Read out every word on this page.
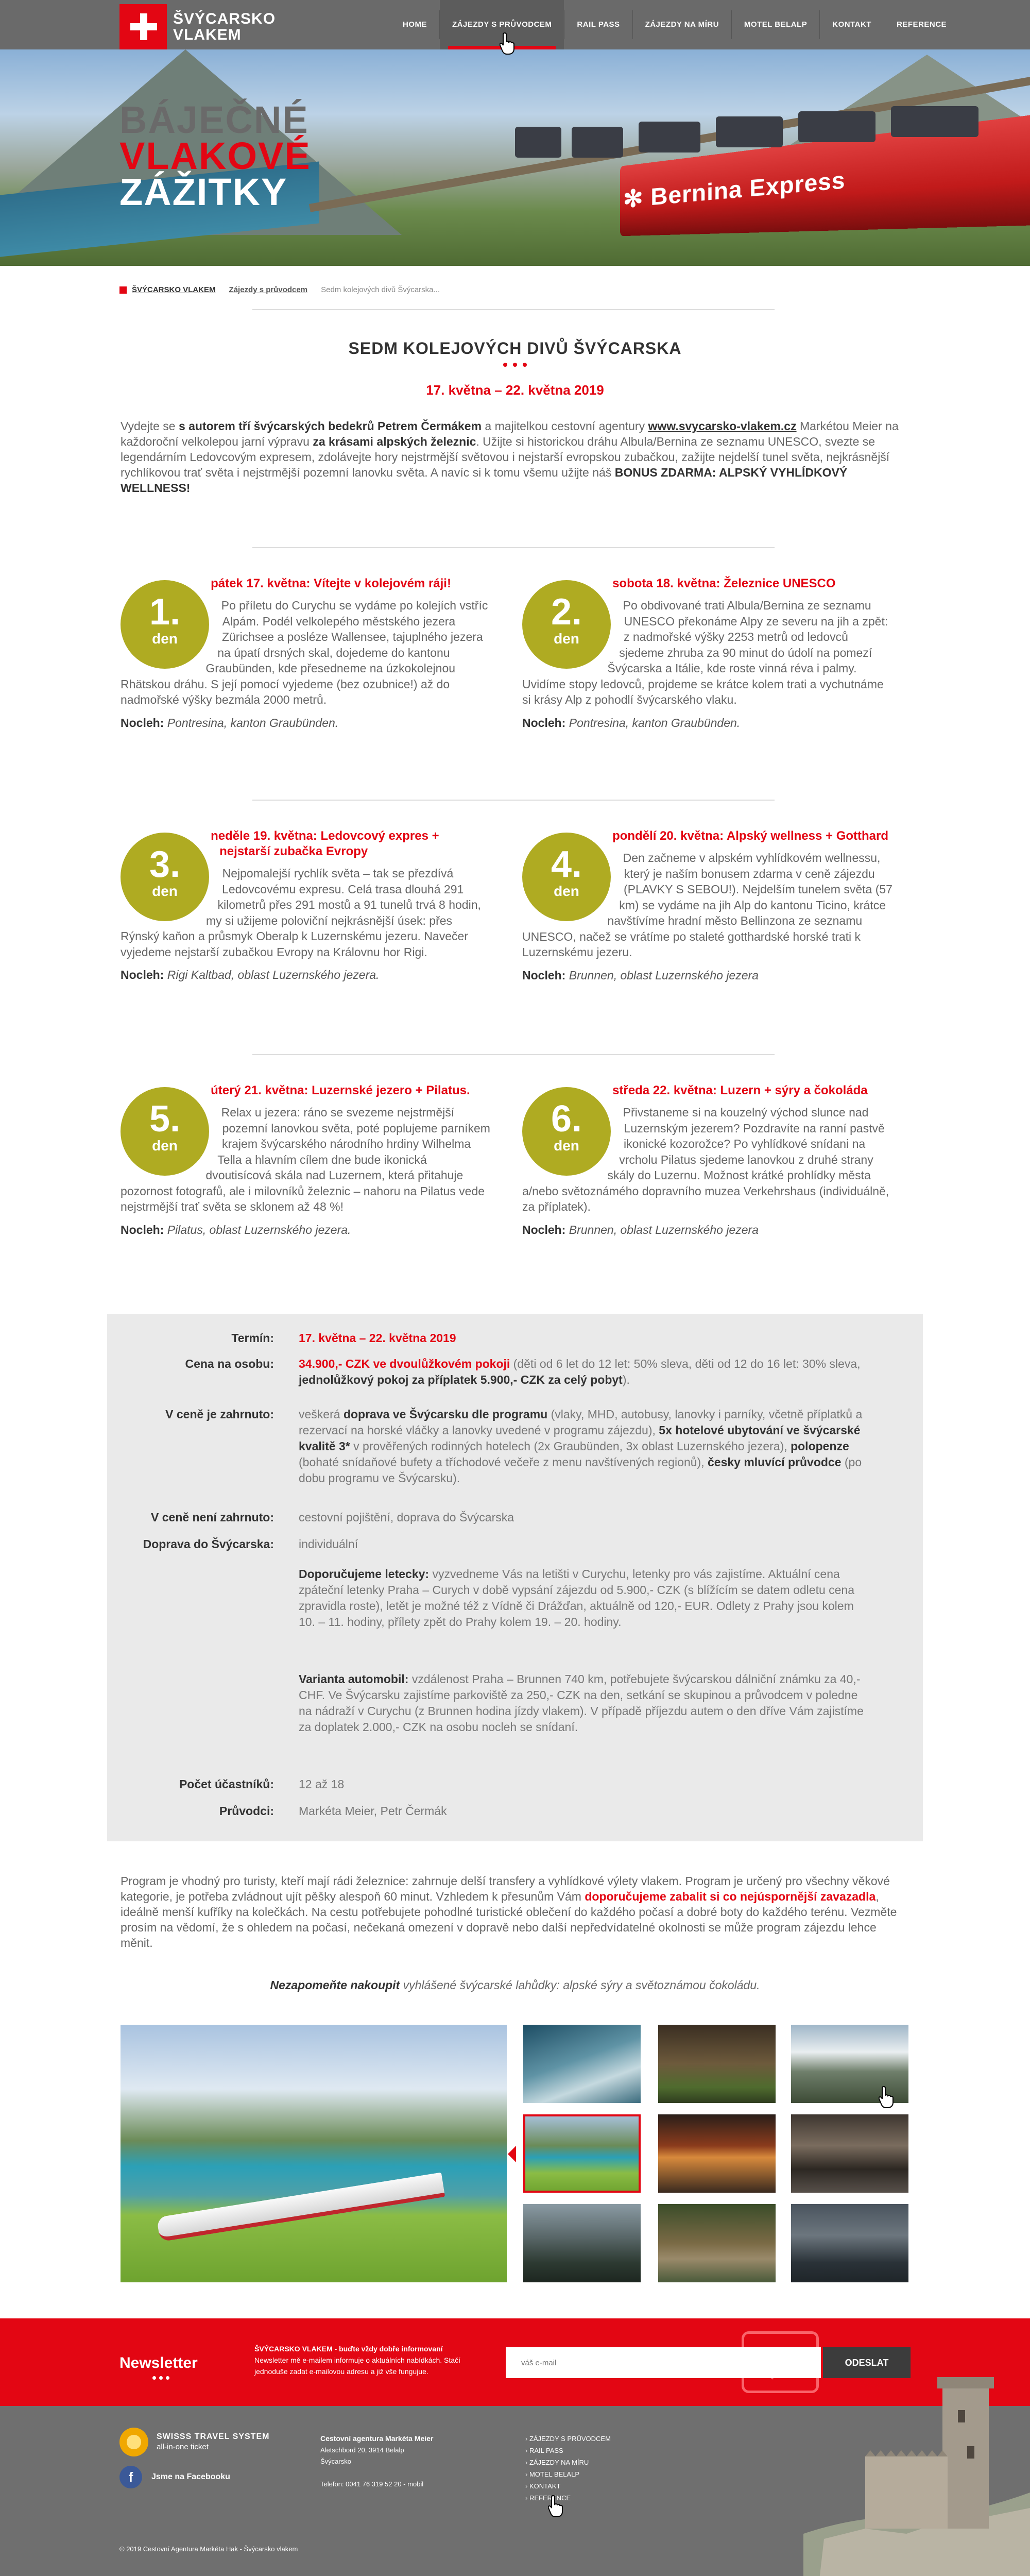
ŠVÝCARSKO
VLAKEM
HOME	ZÁJEZDY S PRŮVODCEM	RAIL PASS	ZÁJEZDY NA MÍRU	MOTEL BELALP	KONTAKT	REFERENCE
✻ Bernina Express
BÁJEČNÉ
VLAKOVÉ
ZÁŽITKY
ŠVÝCARSKO VLAKEM Zájezdy s průvodcem Sedm kolejových divů Švýcarska...
SEDM KOLEJOVÝCH DIVŮ ŠVÝCARSKA
17. května – 22. května 2019
Vydejte se s autorem tří švýcarských bedekrů Petrem Čermákem a majitelkou cestovní agentury www.svycarsko-vlakem.cz Markétou Meier na každoroční velkolepou jarní výpravu za krásami alpských železnic. Užijte si historickou dráhu Albula/Bernina ze seznamu UNESCO, svezte se legendárním Ledovcovým expresem, zdolávejte hory nejstrmější světovou i nejstarší evropskou zubačkou, zažijte nejdelší tunel světa, nejkrásnější rychlíkovou trať světa i nejstrmější pozemní lanovku světa. A navíc si k tomu všemu užijte náš BONUS ZDARMA: ALPSKÝ VYHLÍDKOVÝ WELLNESS!
1.
den
pátek 17. května: Vítejte v kolejovém ráji!
Po příletu do Curychu se vydáme po kolejích vstříc Alpám. Podél velkolepého městského jezera Zürichsee a posléze Wallensee, tajuplného jezera na úpatí drsných skal, dojedeme do kantonu Graubünden, kde přesedneme na úzkokolejnou Rhätskou dráhu. S její pomocí vyjedeme (bez ozubnice!) až do nadmořské výšky bezmála 2000 metrů.
Nocleh: Pontresina, kanton Graubünden.
2.
den
sobota 18. května: Železnice UNESCO
Po obdivované trati Albula/Bernina ze seznamu UNESCO překonáme Alpy ze severu na jih a zpět: z nadmořské výšky 2253 metrů od ledovců sjedeme zhruba za 90 minut do údolí na pomezí Švýcarska a Itálie, kde roste vinná réva i palmy. Uvidíme stopy ledovců, projdeme se krátce kolem trati a vychutnáme si krásy Alp z pohodlí švýcarského vlaku.
Nocleh: Pontresina, kanton Graubünden.
3.
den
neděle 19. května: Ledovcový expres + nejstarší zubačka Evropy
Nejpomalejší rychlík světa – tak se přezdívá Ledovcovému expresu. Celá trasa dlouhá 291 kilometrů přes 291 mostů a 91 tunelů trvá 8 hodin, my si užijeme poloviční nejkrásnější úsek: přes Rýnský kaňon a průsmyk Oberalp k Luzernskému jezeru. Navečer vyjedeme nejstarší zubačkou Evropy na Královnu hor Rigi.
Nocleh: Rigi Kaltbad, oblast Luzernského jezera.
4.
den
pondělí 20. května: Alpský wellness + Gotthard
Den začneme v alpském vyhlídkovém wellnessu, který je naším bonusem zdarma v ceně zájezdu (PLAVKY S SEBOU!). Nejdelším tunelem světa (57 km) se vydáme na jih Alp do kantonu Ticino, krátce navštívíme hradní město Bellinzona ze seznamu UNESCO, načež se vrátíme po staleté gotthardské horské trati k Luzernskému jezeru.
Nocleh: Brunnen, oblast Luzernského jezera
5.
den
úterý 21. května: Luzernské jezero + Pilatus.
Relax u jezera: ráno se svezeme nejstrmější pozemní lanovkou světa, poté poplujeme parníkem krajem švýcarského národního hrdiny Wilhelma Tella a hlavním cílem dne bude ikonická dvoutisícová skála nad Luzernem, která přitahuje pozornost fotografů, ale i milovníků železnic – nahoru na Pilatus vede nejstrmější trať světa se sklonem až 48 %!
Nocleh: Pilatus, oblast Luzernského jezera.
6.
den
středa 22. května: Luzern + sýry a čokoláda
Přivstaneme si na kouzelný východ slunce nad Luzernským jezerem? Pozdravíte na ranní pastvě ikonické kozorožce? Po vyhlídkové snídani na vrcholu Pilatus sjedeme lanovkou z druhé strany skály do Luzernu. Možnost krátké prohlídky města a/nebo světoznámého dopravního muzea Verkehrshaus (individuálně, za příplatek).
Nocleh: Brunnen, oblast Luzernského jezera
Termín:	17. května – 22. května 2019
Cena na osobu:	34.900,- CZK ve dvoulůžkovém pokoji (děti od 6 let do 12 let: 50% sleva, děti od 12 do 16 let: 30% sleva, jednolůžkový pokoj za příplatek 5.900,- CZK za celý pobyt).
V ceně je zahrnuto:	veškerá doprava ve Švýcarsku dle programu (vlaky, MHD, autobusy, lanovky i parníky, včetně příplatků a rezervací na horské vláčky a lanovky uvedené v programu zájezdu), 5x hotelové ubytování ve švýcarské kvalitě 3* v prověřených rodinných hotelech (2x Graubünden, 3x oblast Luzernského jezera), polopenze (bohaté snídaňové bufety a tříchodové večeře z menu navštívených regionů), česky mluvící průvodce (po dobu programu ve Švýcarsku).
V ceně není zahrnuto:	cestovní pojištění, doprava do Švýcarska
Doprava do Švýcarska:	individuální
Doporučujeme letecky: vyzvedneme Vás na letišti v Curychu, letenky pro vás zajistíme. Aktuální cena zpáteční letenky Praha – Curych v době vypsání zájezdu od 5.900,- CZK (s blížícím se datem odletu cena zpravidla roste), letět je možné též z Vídně či Drážďan, aktuálně od 120,- EUR. Odlety z Prahy jsou kolem 10. – 11. hodiny, přílety zpět do Prahy kolem 19. – 20. hodiny.
Varianta automobil: vzdálenost Praha – Brunnen 740 km, potřebujete švýcarskou dálniční známku za 40,- CHF. Ve Švýcarsku zajistíme parkoviště za 250,- CZK na den, setkání se skupinou a průvodcem v poledne na nádraží v Curychu (z Brunnen hodina jízdy vlakem). V případě příjezdu autem o den dříve Vám zajistíme za doplatek 2.000,- CZK na osobu nocleh se snídaní.
Počet účastníků:	12 až 18
Průvodci:	Markéta Meier, Petr Čermák
Program je vhodný pro turisty, kteří mají rádi železnice: zahrnuje delší transfery a vyhlídkové výlety vlakem. Program je určený pro všechny věkové kategorie, je potřeba zvládnout ujít pěšky alespoň 60 minut. Vzhledem k přesunům Vám doporučujeme zabalit si co nejúspornější zavazadla, ideálně menší kufříky na kolečkách. Na cestu potřebujete pohodlné turistické oblečení do každého počasí a dobré boty do každého terénu. Vezměte prosím na vědomí, že s ohledem na počasí, nečekaná omezení v dopravě nebo další nepředvídatelné okolnosti se může program zájezdu lehce měnit.
Nezapomeňte nakoupit vyhlášené švýcarské lahůdky: alpské sýry a světoznámou čokoládu.
Newsletter
ŠVÝCARSKO VLAKEM - buďte vždy dobře informovaní
Newsletter mě e-mailem informuje o aktuálních nabídkách. Stačí jednoduše zadat e-mailovou adresu a již vše fungujue.
váš e-mail
ODESLAT
SWISSS TRAVEL SYSTEM
all-in-one ticket
f	Jsme na Facebooku
Cestovní agentura Markéta Meier
Aletschbord 20, 3914 Belalp
Švýcarsko

Telefon: 0041 76 319 52 20 - mobil
› ZÁJEZDY S PRŮVODCEM
› RAIL PASS
› ZÁJEZDY NA MÍRU
› MOTEL BELALP
› KONTAKT
› REFERENCE
© 2019 Cestovní Agentura Markéta Hak - Švýcarsko vlakem
